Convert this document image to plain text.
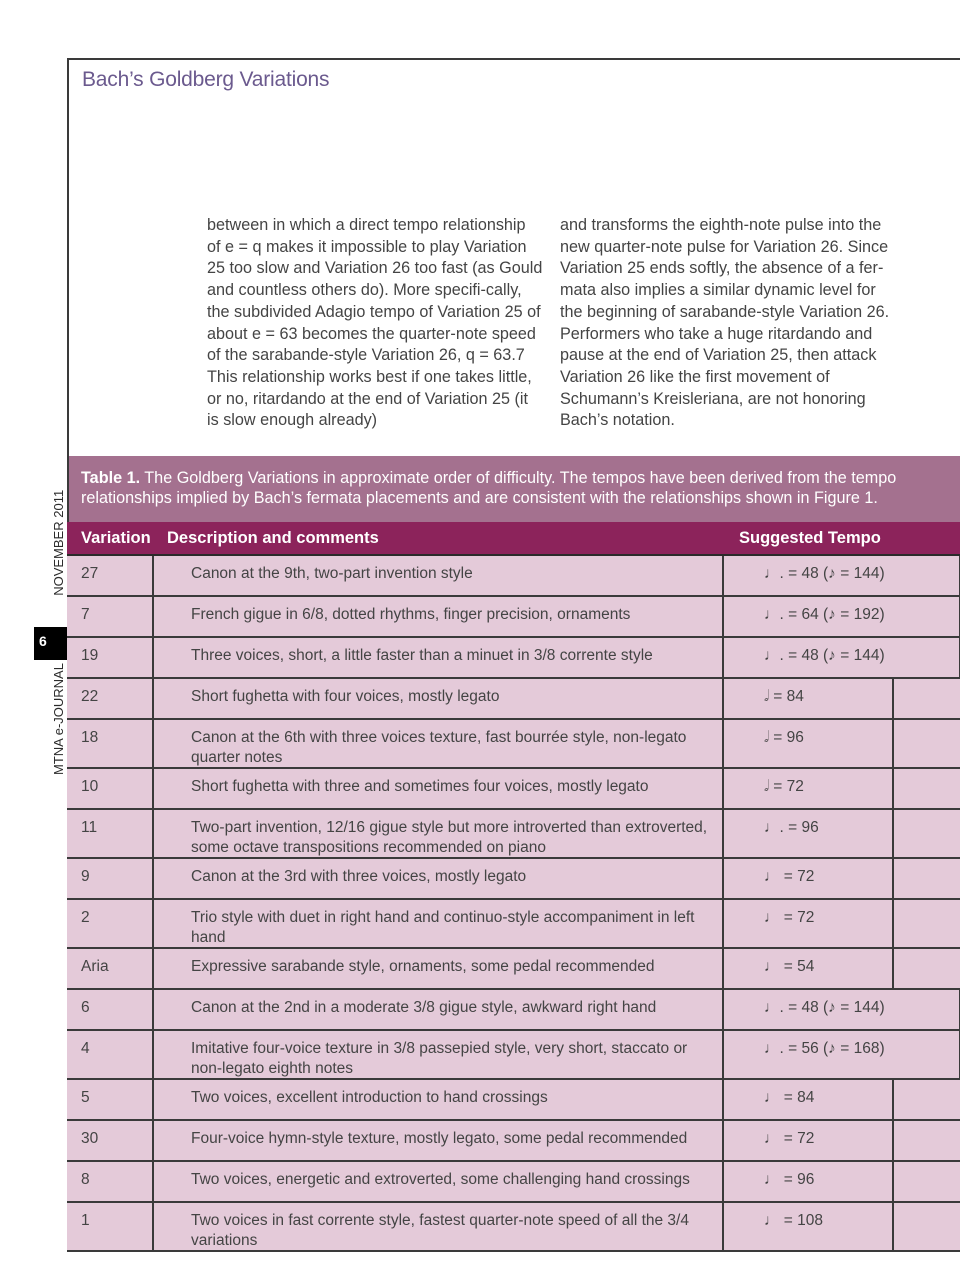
Bach’s Goldberg Variations
between in which a direct tempo relationship of e = q makes it impossible to play Variation 25 too slow and Variation 26 too fast (as Gould and countless others do). More specifi-cally, the subdivided Adagio tempo of Variation 25 of about e = 63 becomes the quarter-note speed of the sarabande-style Variation 26, q = 63.7 This relationship works best if one takes little, or no, ritardando at the end of Variation 25 (it is slow enough already)
and transforms the eighth-note pulse into the new quarter-note pulse for Variation 26. Since Variation 25 ends softly, the absence of a fer-mata also implies a similar dynamic level for the beginning of sarabande-style Variation 26. Performers who take a huge ritardando and pause at the end of Variation 25, then attack Variation 26 like the first movement of Schumann’s Kreisleriana, are not honoring Bach’s notation.
MTNA e-JOURNAL  NOVEMBER 2011
6
Table 1. The Goldberg Variations in approximate order of difficulty. The tempos have been derived from the tempo relationships implied by Bach’s fermata placements and are consistent with the relationships shown in Figure 1.
Variation	Description and comments	Suggested Tempo	
27	Canon at the 9th, two-part invention style	♩. = 48 (♪ = 144)	
7	French gigue in 6/8, dotted rhythms, finger precision, ornaments	♩. = 64 (♪ = 192)	
19	Three voices, short, a little faster than a minuet in 3/8 corrente style	♩. = 48 (♪ = 144)	
22	Short fughetta with four voices, mostly legato	𝅗𝅥 = 84	
18	Canon at the 6th with three voices texture, fast bourrée style, non-legato quarter notes	𝅗𝅥 = 96	
10	Short fughetta with three and sometimes four voices, mostly legato	𝅗𝅥 = 72	
11	Two-part invention, 12/16 gigue style but more introverted than extroverted, some octave transpositions recommended on piano	♩. = 96	
9	Canon at the 3rd with three voices, mostly legato	♩ = 72	
2	Trio style with duet in right hand and continuo-style accompaniment in left hand	♩ = 72	
Aria	Expressive sarabande style, ornaments, some pedal recommended	♩ = 54	
6	Canon at the 2nd in a moderate 3/8 gigue style, awkward right hand	♩. = 48 (♪ = 144)	
4	Imitative four-voice texture in 3/8 passepied style, very short, staccato or non-legato eighth notes	♩. = 56 (♪ = 168)	
5	Two voices, excellent introduction to hand crossings	♩ = 84	
30	Four-voice hymn-style texture, mostly legato, some pedal recommended	♩ = 72	
8	Two voices, energetic and extroverted, some challenging hand crossings	♩ = 96	
1	Two voices in fast corrente style, fastest quarter-note speed of all the 3/4 variations	♩ = 108	
